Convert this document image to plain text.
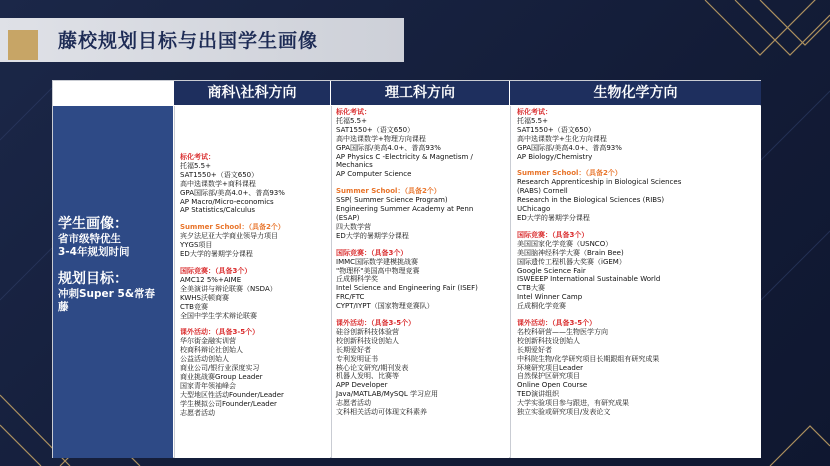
藤校规划目标与出国学生画像
商科\社科方向	理工科方向	生物化学方向
学生画像：
省市级特优生
3-4年规划时间
规划目标：
冲刺Super 5&常春
藤
标化考试：
托福5.5+
SAT1550+（语文650）
高中选课数学+商科课程
GPA国际部/美高4.0+、普高93%
AP Macro/Micro-economics
AP Statistics/Calculus
Summer School：（具备2个）
宾夕法尼亚大学商业领导力项目
YYGS项目
ED大学的暑期学分课程
国际竞赛：（具备3个）
AMC12 5%+AIME
全美演讲与辩论联赛（NSDA）
KWHS沃顿商赛
CTB竞赛
全国中学生学术辩论联赛
课外活动：（具备3-5个）
华尔街金融实训营
校商科辩论社创始人
公益活动创始人
商业公司/银行业深度实习
商业挑战赛Group Leader
国家青年领袖峰会
大型地区性活动Founder/Leader
学生模拟公司Founder/Leader
志愿者活动
标化考试：
托福5.5+
SAT1550+（语文650）
高中选课数学+物理方向课程
GPA国际部/美高4.0+、普高93%
AP Physics C -Electricity & Magnetism /
Mechanics
AP Computer Science
Summer School：（具备2个）
SSP( Summer Science Program)
Engineering Summer Academy at Penn
(ESAP)
四大数学营
ED大学的暑期学分课程
国际竞赛：（具备3个）
IMMC国际数学建模挑战赛
"物理杯"美国高中物理竞赛
丘成桐科学奖
Intel Science and Engineering Fair (ISEF)
FRC/FTC
CYPT/IYPT（国家物理竞赛队）
课外活动：（具备3-5个）
硅谷创新科技体验营
校创新科技设创始人
长期爱好者
专利发明证书
核心论文研究/期刊发表
机器人发明、比赛等
APP Developer
Java/MATLAB/MySQL 学习应用
志愿者活动
文科相关活动可体现文科素养
标化考试：
托福5.5+
SAT1550+（语文650）
高中选课数学+生化方向课程
GPA国际部/美高4.0+、普高93%
AP Biology/Chemistry
Summer School：（具备2个）
Research Apprenticeship in Biological Sciences
(RABS) Cornell
Research in the Biological Sciences (RIBS)
UChicago
ED大学的暑期学分课程
国际竞赛：（具备3个）
美国国家化学竞赛（USNCO）
美国脑神经科学大赛（Brain Bee)
国际遗传工程机器大奖赛（iGEM）
Google Science Fair
ISWEEEP International Sustainable World
CTB大赛
Intel Winner Camp
丘成桐化学竞赛
课外活动：（具备3-5个）
名校科研营——生物医学方向
校创新科技设创始人
长期爱好者
中科院生物/化学研究项目长期跟组有研究成果
环境研究项目Leader
自然保护区研究项目
Online Open Course
TED演讲组织
大学实验项目参与跟进，有研究成果
独立实验或研究项目/发表论文
